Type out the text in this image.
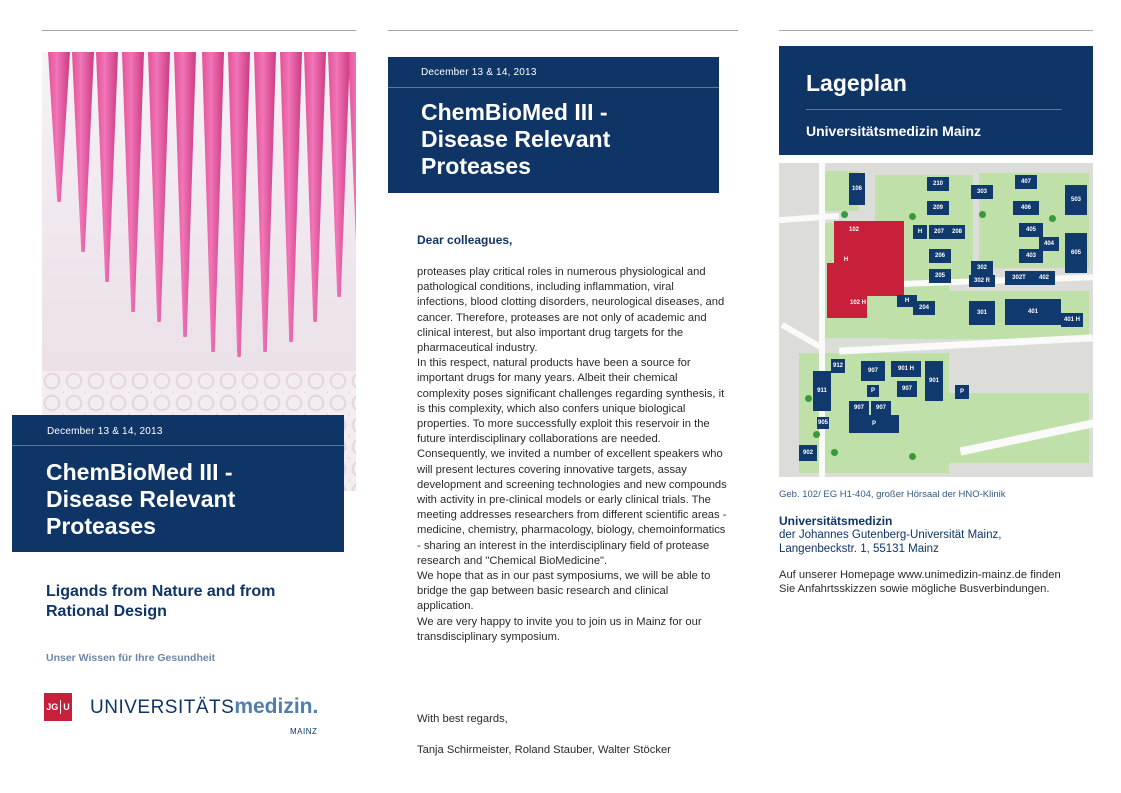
December 13 & 14, 2013
ChemBioMed III -
Disease Relevant
Proteases
Ligands from Nature and from
Rational Design
Unser Wissen für Ihre Gesundheit
JG U UNIVERSITÄTSmedizin.
MAINZ
December 13 & 14, 2013
ChemBioMed III -
Disease Relevant
Proteases
Dear colleagues,

proteases play critical roles in numerous physiological and pathological conditions, including inflammation, viral infections, blood clotting disorders, neurological diseases, and cancer. Therefore, proteases are not only of academic and clinical interest, but also important drug targets for the pharmaceutical industry.

In this respect, natural products have been a source for important drugs for many years. Albeit their chemical complexity poses significant challenges regarding synthesis, it is this complexity, which also confers unique biological properties. To more successfully exploit this reservoir in the future interdisciplinary collaborations are needed.

Consequently, we invited a number of excellent speakers who will present lectures covering innovative targets, assay development and screening technologies and new compounds with activity in pre-clinical models or early clinical trials. The meeting addresses researchers from different scientific areas - medicine, chemistry, pharmacology, biology, chemoinformatics - sharing an interest in the interdisciplinary field of protease research and "Chemical BioMedicine".

We hope that as in our past symposiums, we will be able to bridge the gap between basic research and clinical application.

We are very happy to invite you to join us in Mainz for our transdisciplinary symposium.

With best regards,
Tanja Schirmeister, Roland Stauber, Walter Stöcker
Lageplan
Universitätsmedizin Mainz
106
210
303
407
209	406
503
102	H	207	208	405
404
206	403	605
H
302
205
302 R	302T	402
102 H	H
204
301	401
401 H
912
907	901 H
901
911	P	907
907	907
P
905	P
902
Geb. 102/ EG H1-404, großer Hörsaal der HNO-Klinik
Universitätsmedizin
der Johannes Gutenberg-Universität Mainz,
Langenbeckstr. 1, 55131 Mainz
Auf unserer Homepage www.unimedizin-mainz.de finden
Sie Anfahrtsskizzen sowie mögliche Busverbindungen.
